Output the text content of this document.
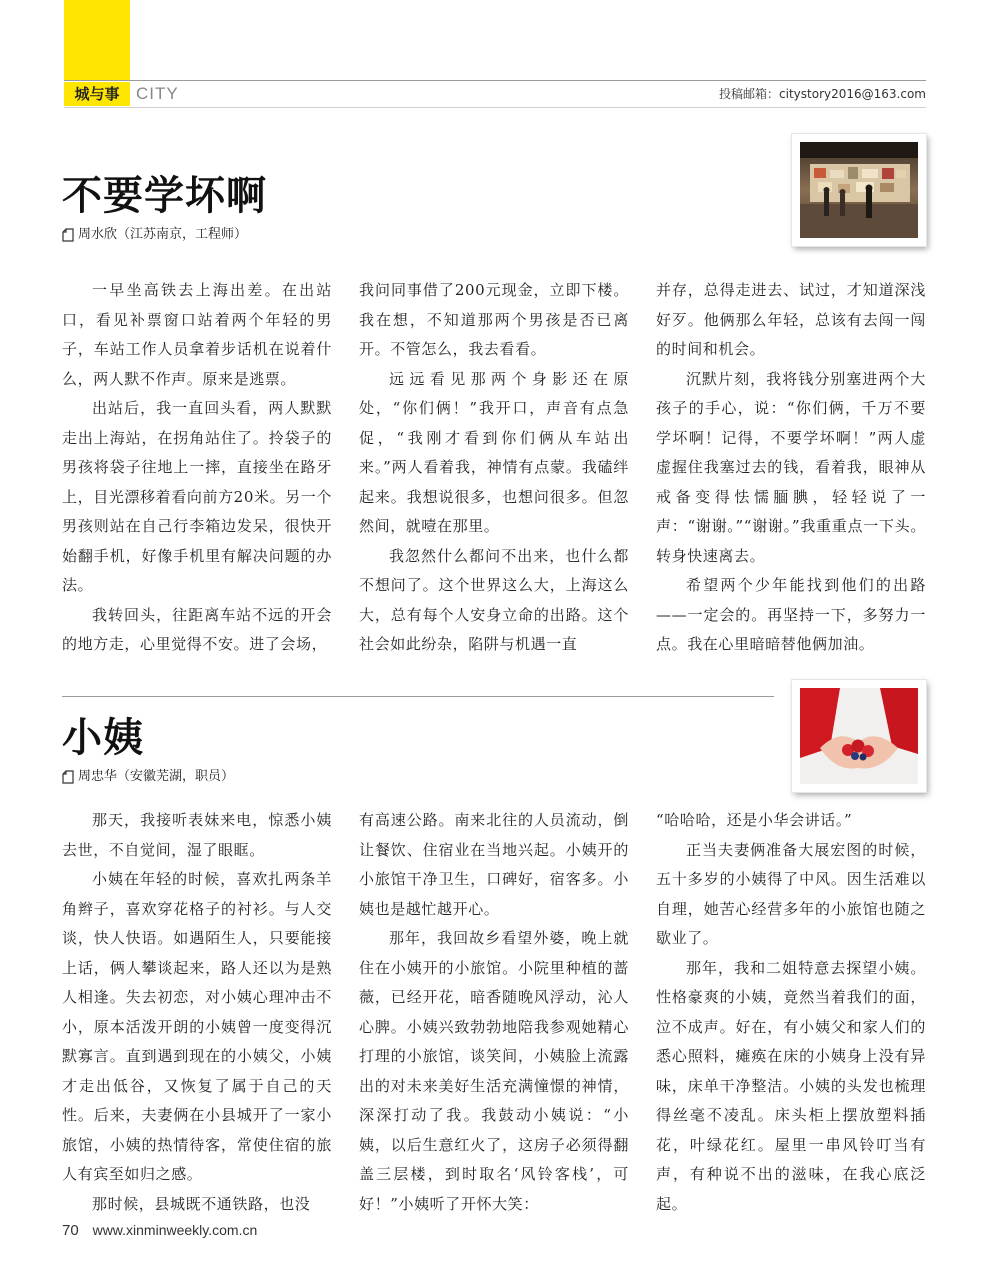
城与事 CITY	投稿邮箱：citystory2016@163.com
不要学坏啊
周水欣（江苏南京，工程师）

一早坐高铁去上海出差。在出站口，看见补票窗口站着两个年轻的男子，车站工作人员拿着步话机在说着什么，两人默不作声。原来是逃票。

出站后，我一直回头看，两人默默走出上海站，在拐角站住了。拎袋子的男孩将袋子往地上一摔，直接坐在路牙上，目光漂移着看向前方20米。另一个男孩则站在自己行李箱边发呆，很快开始翻手机，好像手机里有解决问题的办法。

我转回头，往距离车站不远的开会的地方走，心里觉得不安。进了会场，

我问同事借了200元现金，立即下楼。我在想，不知道那两个男孩是否已离开。不管怎么，我去看看。

远远看见那两个身影还在原处，“你们俩！”我开口，声音有点急促，“我刚才看到你们俩从车站出来。”两人看着我，神情有点蒙。我磕绊起来。我想说很多，也想问很多。但忽然间，就噎在那里。

我忽然什么都问不出来，也什么都不想问了。这个世界这么大，上海这么大，总有每个人安身立命的出路。这个社会如此纷杂，陷阱与机遇一直

并存，总得走进去、试过，才知道深浅好歹。他俩那么年轻，总该有去闯一闯的时间和机会。

沉默片刻，我将钱分别塞进两个大孩子的手心，说：“你们俩，千万不要学坏啊！记得，不要学坏啊！”两人虚虚握住我塞过去的钱，看着我，眼神从戒备变得怯懦腼腆，轻轻说了一声：“谢谢。”“谢谢。”我重重点一下头。转身快速离去。

希望两个少年能找到他们的出路——一定会的。再坚持一下，多努力一点。我在心里暗暗替他俩加油。

小姨
周忠华（安徽芜湖，职员）

那天，我接听表妹来电，惊悉小姨去世，不自觉间，湿了眼眶。

小姨在年轻的时候，喜欢扎两条羊角辫子，喜欢穿花格子的衬衫。与人交谈，快人快语。如遇陌生人，只要能接上话，俩人攀谈起来，路人还以为是熟人相逢。失去初恋，对小姨心理冲击不小，原本活泼开朗的小姨曾一度变得沉默寡言。直到遇到现在的小姨父，小姨才走出低谷，又恢复了属于自己的天性。后来，夫妻俩在小县城开了一家小旅馆，小姨的热情待客，常使住宿的旅人有宾至如归之感。

那时候，县城既不通铁路，也没

有高速公路。南来北往的人员流动，倒让餐饮、住宿业在当地兴起。小姨开的小旅馆干净卫生，口碑好，宿客多。小姨也是越忙越开心。

那年，我回故乡看望外婆，晚上就住在小姨开的小旅馆。小院里种植的蔷薇，已经开花，暗香随晚风浮动，沁人心脾。小姨兴致勃勃地陪我参观她精心打理的小旅馆，谈笑间，小姨脸上流露出的对未来美好生活充满憧憬的神情，深深打动了我。我鼓动小姨说：“小姨，以后生意红火了，这房子必须得翻盖三层楼，到时取名‘风铃客栈’，可好！”小姨听了开怀大笑：

“哈哈哈，还是小华会讲话。”

正当夫妻俩准备大展宏图的时候，五十多岁的小姨得了中风。因生活难以自理，她苦心经营多年的小旅馆也随之歇业了。

那年，我和二姐特意去探望小姨。性格豪爽的小姨，竟然当着我们的面，泣不成声。好在，有小姨父和家人们的悉心照料，瘫痪在床的小姨身上没有异味，床单干净整洁。小姨的头发也梳理得丝毫不凌乱。床头柜上摆放塑料插花，叶绿花红。屋里一串风铃叮当有声，有种说不出的滋味，在我心底泛起。

70 www.xinminweekly.com.cn
